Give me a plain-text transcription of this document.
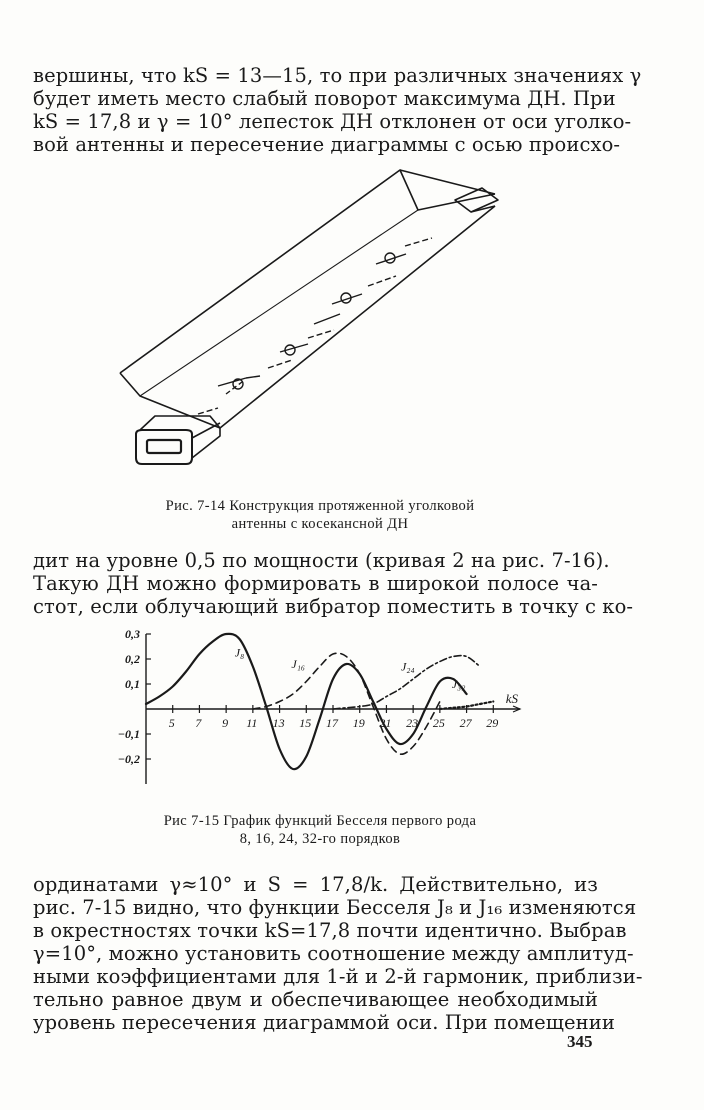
вершины, что kS = 13—15, то при различных значениях γ
будет иметь место слабый поворот максимума ДН. При
kS = 17,8 и γ = 10° лепесток ДН отклонен от оси уголко-
вой антенны и пересечение диаграммы с осью происхо-
Рис. 7-14 Конструкция протяженной уголковой
антенны с косекансной ДН
дит на уровне 0,5 по мощности (кривая 2 на рис. 7-16).
Такую ДН можно формировать в широкой полосе ча-
стот, если облучающий вибратор поместить в точку с ко-
5 7 9 11 13 15 17 19 21 23 25 27 29
0,3
0,2
0,1
−0,1
−0,2
kS
J₈
J₁₆	J₂₄
J₃₂
Рис 7-15 График функций Бесселя первого рода
8, 16, 24, 32-го порядков
ординатами γ≈10° и S = 17,8/k. Действительно, из
рис. 7-15 видно, что функции Бесселя J₈ и J₁₆ изменяются
в окрестностях точки kS=17,8 почти идентично. Выбрав
γ=10°, можно установить соотношение между амплитуд-
ными коэффициентами для 1-й и 2-й гармоник, приблизи-
тельно равное двум и обеспечивающее необходимый
уровень пересечения диаграммой оси. При помещении
345
